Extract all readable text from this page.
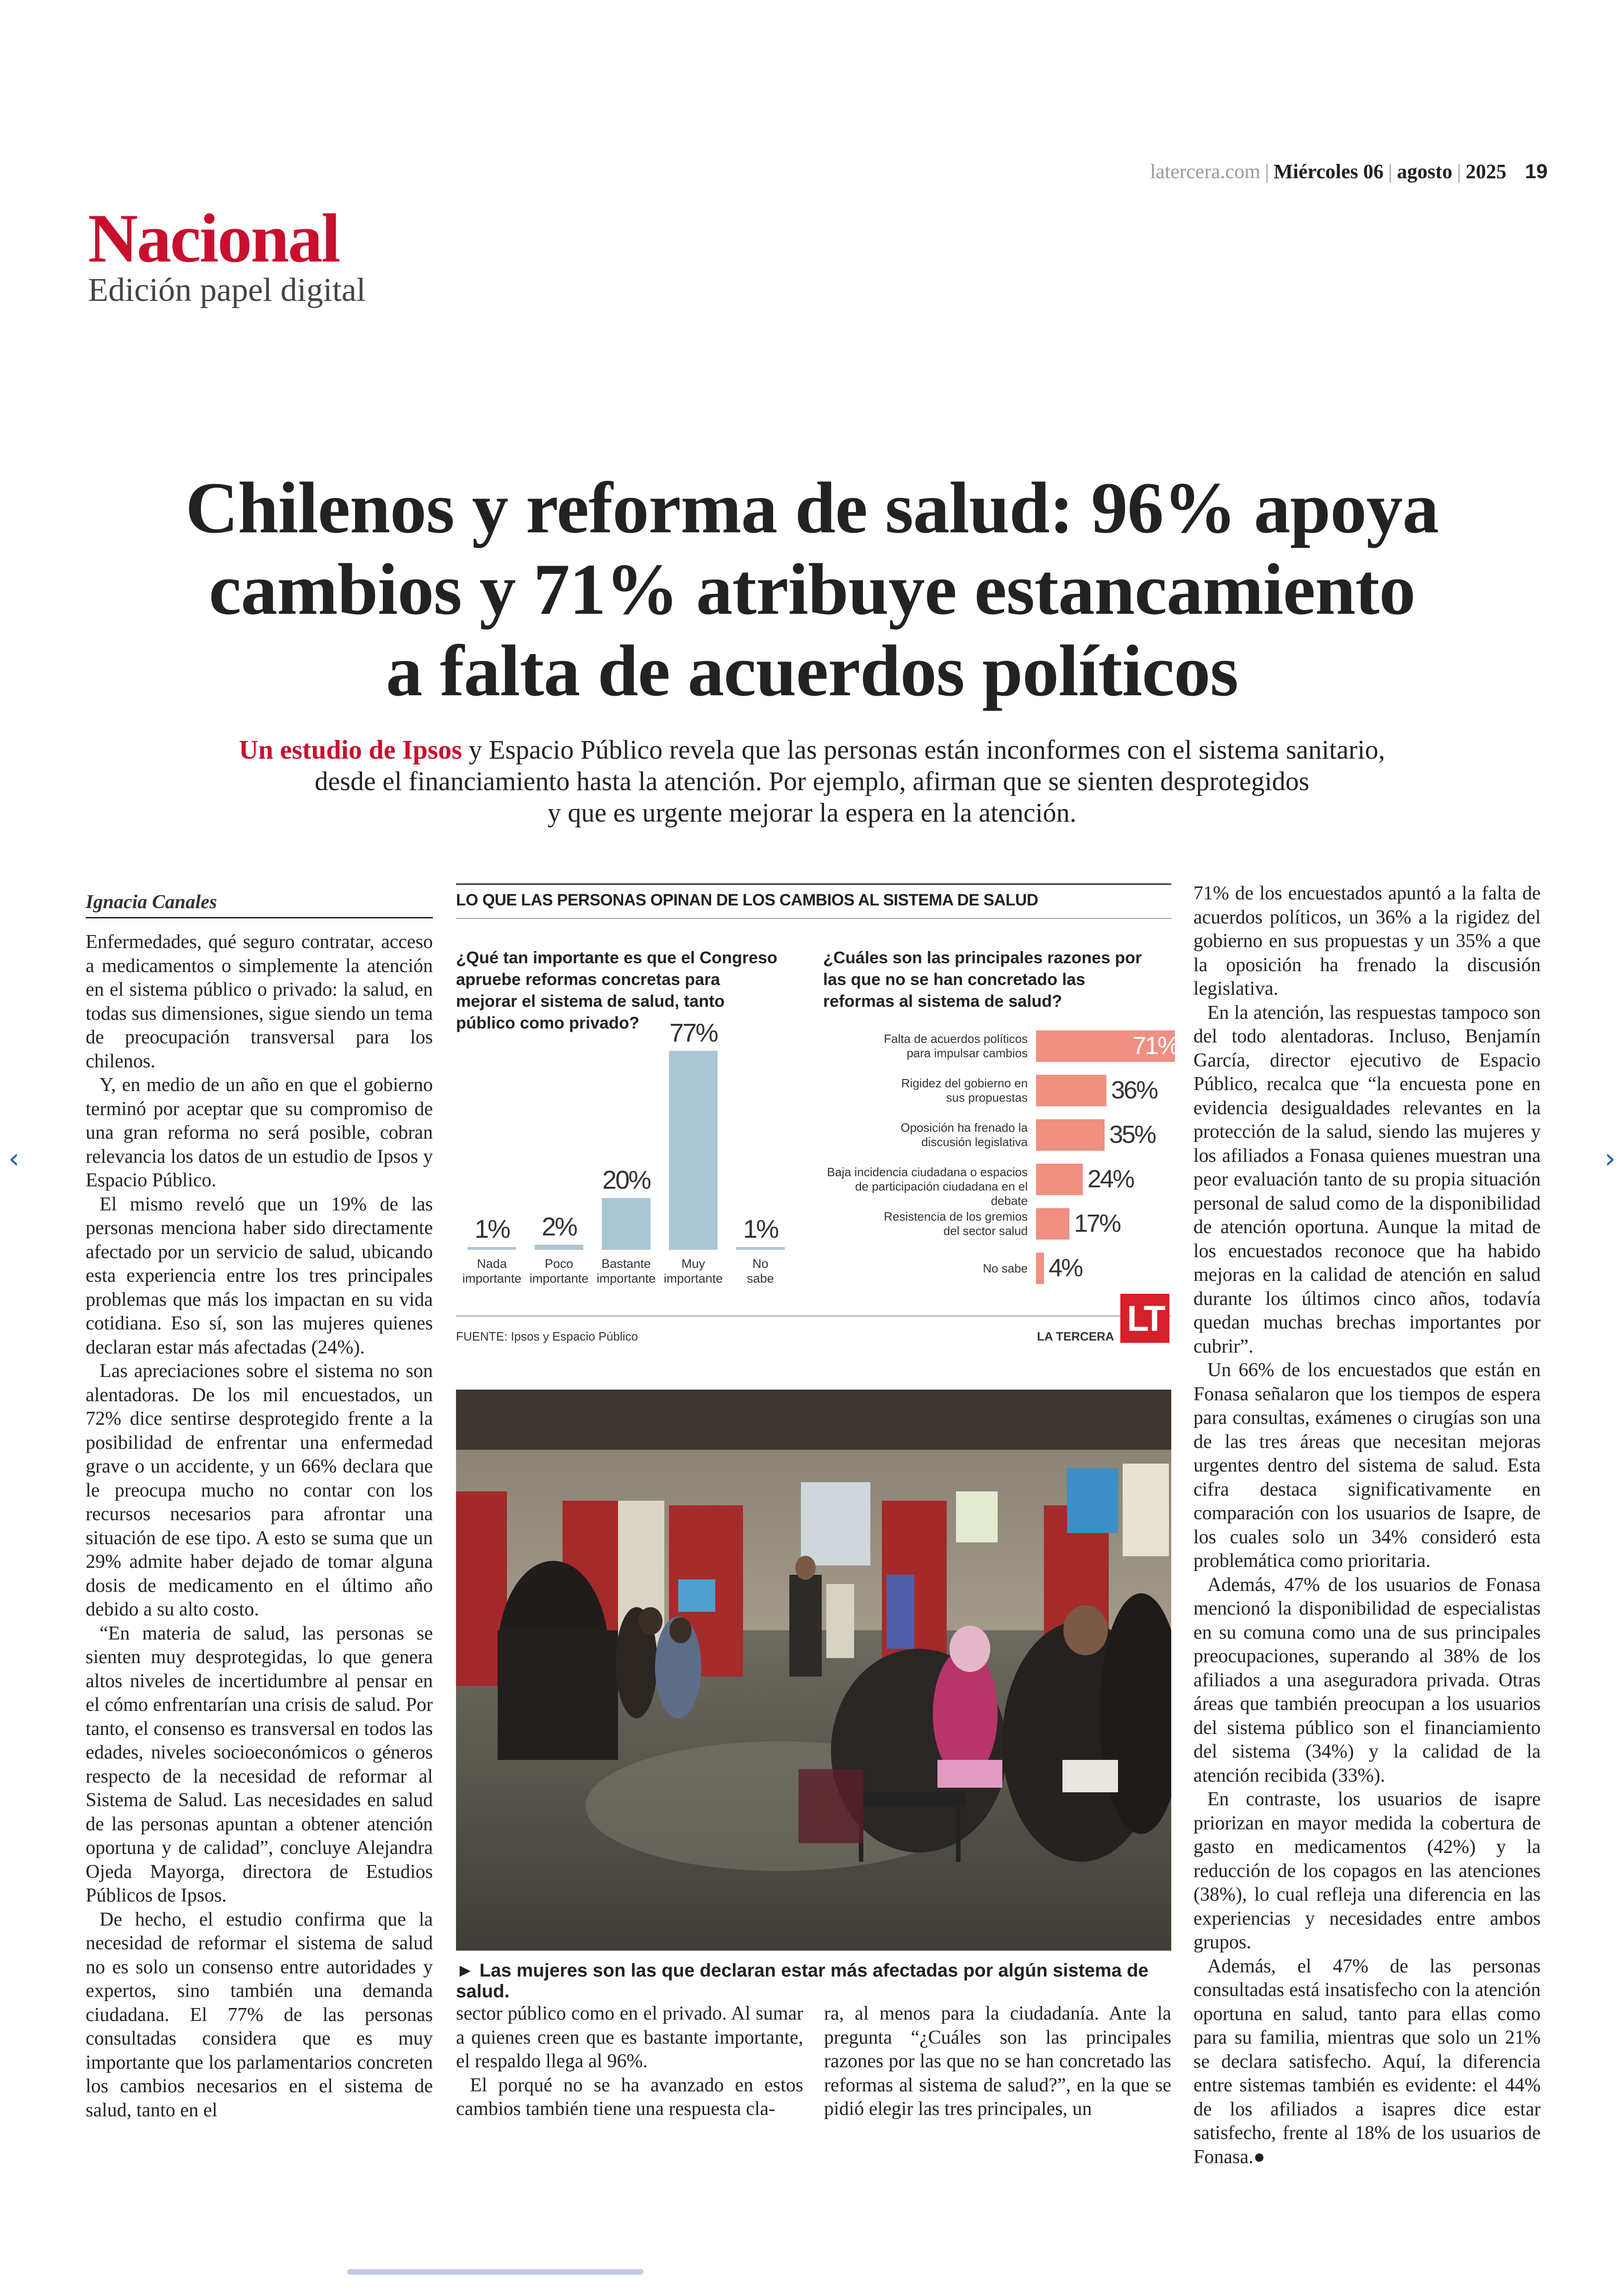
latercera.com | Miércoles 06 | agosto | 2025 19
Nacional
Edición papel digital
Chilenos y reforma de salud: 96% apoya
cambios y 71% atribuye estancamiento
a falta de acuerdos políticos
Un estudio de Ipsos y Espacio Público revela que las personas están inconformes con el sistema sanitario,
desde el financiamiento hasta la atención. Por ejemplo, afirman que se sienten desprotegidos
y que es urgente mejorar la espera en la atención.
Ignacia Canales

Enfermedades, qué seguro contratar, acceso a medicamentos o simplemente la atención en el sistema público o privado: la salud, en todas sus dimensiones, sigue siendo un tema de preocupación transversal para los chilenos.

Y, en medio de un año en que el gobierno terminó por aceptar que su compromiso de una gran reforma no será posible, cobran relevancia los datos de un estudio de Ipsos y Espacio Público.

El mismo reveló que un 19% de las personas menciona haber sido directamente afectado por un servicio de salud, ubicando esta experiencia entre los tres principales problemas que más los impactan en su vida cotidiana. Eso sí, son las mujeres quienes declaran estar más afectadas (24%).

Las apreciaciones sobre el sistema no son alentadoras. De los mil encuestados, un 72% dice sentirse desprotegido frente a la posibilidad de enfrentar una enfermedad grave o un accidente, y un 66% declara que le preocupa mucho no contar con los recursos necesarios para afrontar una situación de ese tipo. A esto se suma que un 29% admite haber dejado de tomar alguna dosis de medicamento en el último año debido a su alto costo.

“En materia de salud, las personas se sienten muy desprotegidas, lo que genera altos niveles de incertidumbre al pensar en el cómo enfrentarían una crisis de salud. Por tanto, el consenso es transversal en todos las edades, niveles socioeconómicos o géneros respecto de la necesidad de reformar al Sistema de Salud. Las necesidades en salud de las personas apuntan a obtener atención oportuna y de calidad”, concluye Alejandra Ojeda Mayorga, directora de Estudios Públicos de Ipsos.

De hecho, el estudio confirma que la necesidad de reformar el sistema de salud no es solo un consenso entre autoridades y expertos, sino también una demanda ciudadana. El 77% de las personas consultadas considera que es muy importante que los parlamentarios concreten los cambios necesarios en el sistema de salud, tanto en el

LO QUE LAS PERSONAS OPINAN DE LOS CAMBIOS AL SISTEMA DE SALUD
¿Qué tan importante es que el Congreso apruebe reformas concretas para mejorar el sistema de salud, tanto público como privado?
¿Cuáles son las principales razones por las que no se han concretado las reformas al sistema de salud?
1%
Nada
importante
2%
Poco
importante
20%
Bastante
importante
77%
Muy
importante
1%
No
sabe
Falta de acuerdos políticos
para impulsar cambios	71%
Rigidez del gobierno en
sus propuestas	36%
Oposición ha frenado la
discusión legislativa	35%
Baja incidencia ciudadana o espacios
de participación ciudadana en el debate
24%
Resistencia de los gremios
del sector salud 17%
No sabe 4%
FUENTE: Ipsos y Espacio Público	LA TERCERA LT
► Las mujeres son las que declaran estar más afectadas por algún sistema de salud.

sector público como en el privado. Al sumar a quienes creen que es bastante importante, el respaldo llega al 96%.

El porqué no se ha avanzado en estos cambios también tiene una respuesta cla-

ra, al menos para la ciudadanía. Ante la pregunta “¿Cuáles son las principales razones por las que no se han concretado las reformas al sistema de salud?”, en la que se pidió elegir las tres principales, un

71% de los encuestados apuntó a la falta de acuerdos políticos, un 36% a la rigidez del gobierno en sus propuestas y un 35% a que la oposición ha frenado la discusión legislativa.

En la atención, las respuestas tampoco son del todo alentadoras. Incluso, Benjamín García, director ejecutivo de Espacio Público, recalca que “la encuesta pone en evidencia desigualdades relevantes en la protección de la salud, siendo las mujeres y los afiliados a Fonasa quienes muestran una peor evaluación tanto de su propia situación personal de salud como de la disponibilidad de atención oportuna. Aunque la mitad de los encuestados reconoce que ha habido mejoras en la calidad de atención en salud durante los últimos cinco años, todavía quedan muchas brechas importantes por cubrir”.

Un 66% de los encuestados que están en Fonasa señalaron que los tiempos de espera para consultas, exámenes o cirugías son una de las tres áreas que necesitan mejoras urgentes dentro del sistema de salud. Esta cifra destaca significativamente en comparación con los usuarios de Isapre, de los cuales solo un 34% consideró esta problemática como prioritaria.

Además, 47% de los usuarios de Fonasa mencionó la disponibilidad de especialistas en su comuna como una de sus principales preocupaciones, superando al 38% de los afiliados a una aseguradora privada. Otras áreas que también preocupan a los usuarios del sistema público son el financiamiento del sistema (34%) y la calidad de la atención recibida (33%).

En contraste, los usuarios de isapre priorizan en mayor medida la cobertura de gasto en medicamentos (42%) y la reducción de los copagos en las atenciones (38%), lo cual refleja una diferencia en las experiencias y necesidades entre ambos grupos.

Además, el 47% de las personas consultadas está insatisfecho con la atención oportuna en salud, tanto para ellas como para su familia, mientras que solo un 21% se declara satisfecho. Aquí, la diferencia entre sistemas también es evidente: el 44% de los afiliados a isapres dice estar satisfecho, frente al 18% de los usuarios de Fonasa.●

‹	›
